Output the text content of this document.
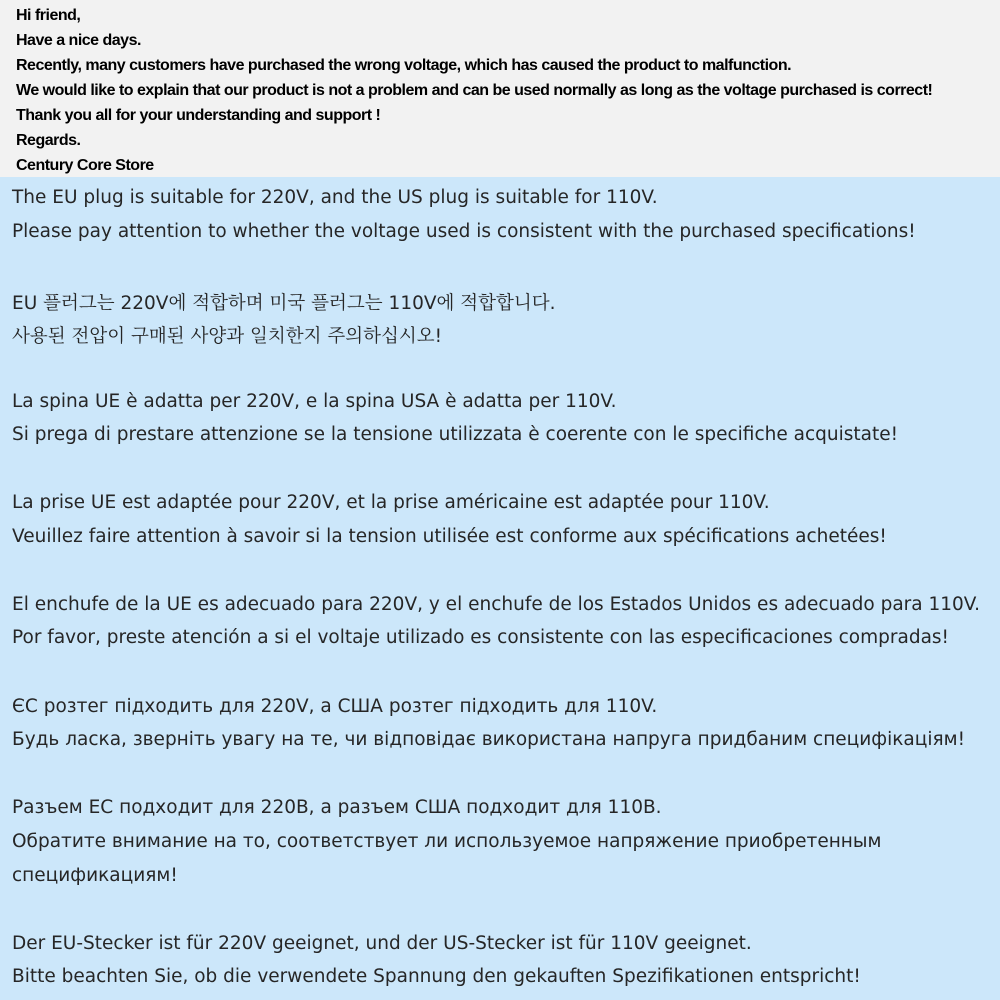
Hi friend,
Have a nice days.
Recently, many customers have purchased the wrong voltage, which has caused the product to malfunction.
We would like to explain that our product is not a problem and can be used normally as long as the voltage purchased is correct!
Thank you all for your understanding and support !
Regards.
Century Core Store
The EU plug is suitable for 220V, and the US plug is suitable for 110V.
Please pay attention to whether the voltage used is consistent with the purchased specifications!
EU 플러그는 220V에 적합하며 미국 플러그는 110V에 적합합니다.
사용된 전압이 구매된 사양과 일치한지 주의하십시오!
La spina UE è adatta per 220V, e la spina USA è adatta per 110V.
Si prega di prestare attenzione se la tensione utilizzata è coerente con le specifiche acquistate!
La prise UE est adaptée pour 220V, et la prise américaine est adaptée pour 110V.
Veuillez faire attention à savoir si la tension utilisée est conforme aux spécifications achetées!
El enchufe de la UE es adecuado para 220V, y el enchufe de los Estados Unidos es adecuado para 110V.
Por favor, preste atención a si el voltaje utilizado es consistente con las especificaciones compradas!
ЄС розтег підходить для 220V, а США розтег підходить для 110V.
Будь ласка, зверніть увагу на те, чи відповідає використана напруга придбаним специфікаціям!
Разъем ЕС подходит для 220В, а разъем США подходит для 110В.
Обратите внимание на то, соответствует ли используемое напряжение приобретенным
спецификациям!
Der EU-Stecker ist für 220V geeignet, und der US-Stecker ist für 110V geeignet.
Bitte beachten Sie, ob die verwendete Spannung den gekauften Spezifikationen entspricht!
